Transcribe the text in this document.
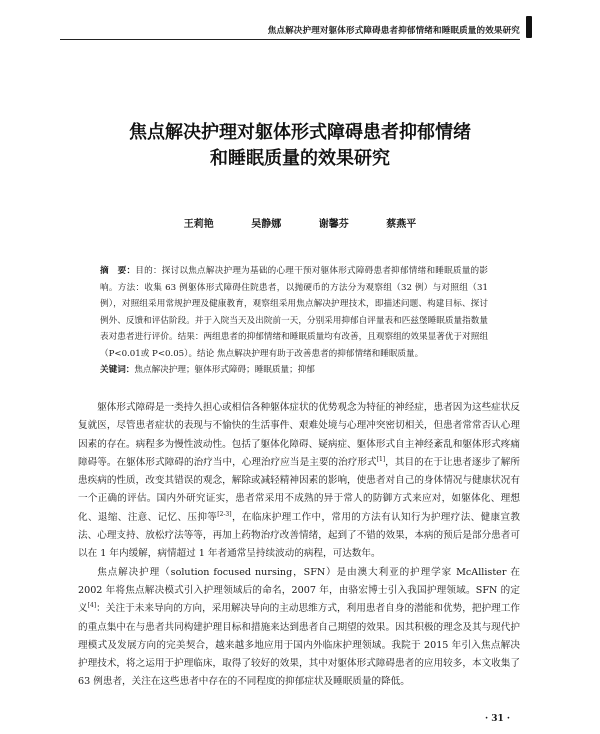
焦点解决护理对躯体形式障碍患者抑郁情绪和睡眠质量的效果研究
焦点解决护理对躯体形式障碍患者抑郁情绪
和睡眠质量的效果研究
王莉艳	吴静娜	谢馨芬	蔡燕平

摘　要：目的：探讨以焦点解决护理为基础的心理干预对躯体形式障碍患者抑郁情绪和睡眠质量的影响。方法：收集 63 例躯体形式障碍住院患者，以抛硬币的方法分为观察组（32 例）与对照组（31 例），对照组采用常规护理及健康教育，观察组采用焦点解决护理技术，即描述问题、构建目标、探讨例外、反馈和评估阶段。并于入院当天及出院前一天，分别采用抑郁自评量表和匹兹堡睡眠质量指数量表对患者进行评价。结果：两组患者的抑郁情绪和睡眠质量均有改善，且观察组的效果显著优于对照组（P<0.01或 P<0.05）。结论 焦点解决护理有助于改善患者的抑郁情绪和睡眠质量。

关键词：焦点解决护理；躯体形式障碍；睡眠质量；抑郁

躯体形式障碍是一类持久担心或相信各种躯体症状的优势观念为特征的神经症，患者因为这些症状反复就医，尽管患者症状的表现与不愉快的生活事件、艰难处境与心理冲突密切相关，但患者常常否认心理因素的存在。病程多为慢性波动性。包括了躯体化障碍、疑病症、躯体形式自主神经紊乱和躯体形式疼痛障碍等。在躯体形式障碍的治疗当中，心理治疗应当是主要的治疗形式[1]，其目的在于让患者逐步了解所患疾病的性质，改变其错误的观念，解除或减轻精神因素的影响，使患者对自己的身体情况与健康状况有一个正确的评估。国内外研究证实，患者常采用不成熟的异于常人的防御方式来应对，如躯体化、理想化、退缩、注意、记忆、压抑等[2-3]，在临床护理工作中，常用的方法有认知行为护理疗法、健康宣教法、心理支持、放松疗法等等，再加上药物治疗改善情绪，起到了不错的效果，本病的预后是部分患者可以在 1 年内缓解，病情超过 1 年者通常呈持续波动的病程，可达数年。

焦点解决护理（solution focused nursing，SFN）是由澳大利亚的护理学家 McAllister 在 2002 年将焦点解决模式引入护理领域后的命名，2007 年，由骆宏博士引入我国护理领域。SFN 的定义[4]：关注于未来导向的方向，采用解决导向的主动思维方式，利用患者自身的潜能和优势，把护理工作的重点集中在与患者共同构建护理目标和措施来达到患者自己期望的效果。因其积极的理念及其与现代护理模式及发展方向的完美契合，越来越多地应用于国内外临床护理领域。我院于 2015 年引入焦点解决护理技术，将之运用于护理临床，取得了较好的效果，其中对躯体形式障碍患者的应用较多，本文收集了 63 例患者，关注在这些患者中存在的不同程度的抑郁症状及睡眠质量的降低。

· 31 ·
